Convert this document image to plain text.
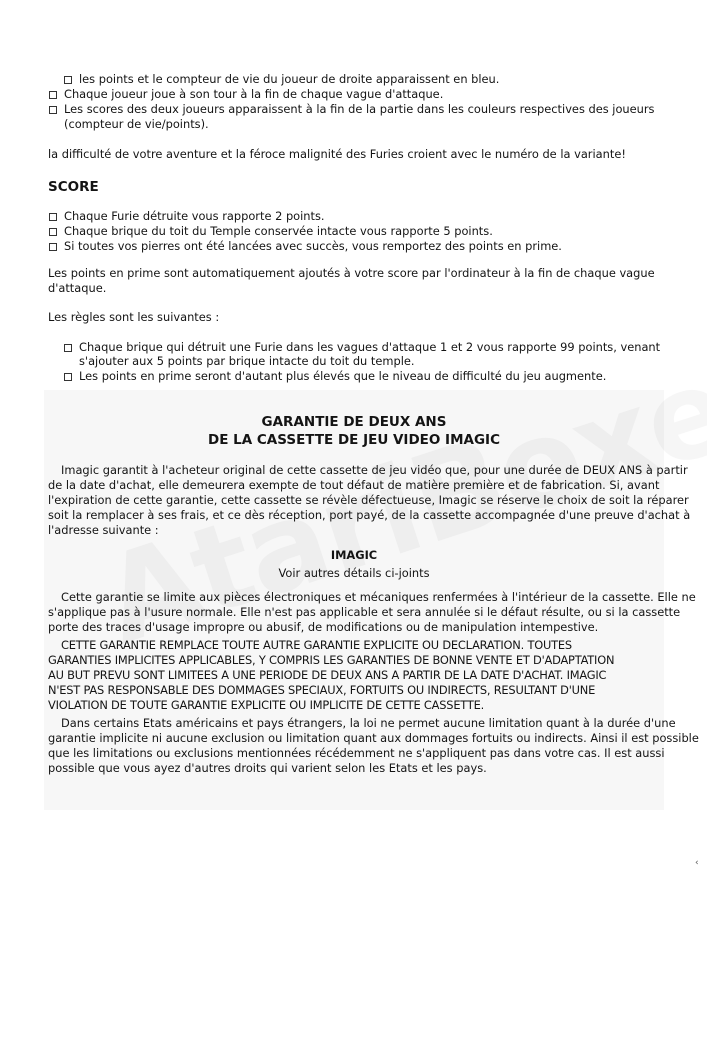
les points et le compteur de vie du joueur de droite apparaissent en bleu.
Chaque joueur joue à son tour à la fin de chaque vague d'attaque.
Les scores des deux joueurs apparaissent à la fin de la partie dans les couleurs respectives des joueurs
(compteur de vie/points).
la difficulté de votre aventure et la féroce malignité des Furies croient avec le numéro de la variante!
SCORE
Chaque Furie détruite vous rapporte 2 points.
Chaque brique du toit du Temple conservée intacte vous rapporte 5 points.
Si toutes vos pierres ont été lancées avec succès, vous remportez des points en prime.
Les points en prime sont automatiquement ajoutés à votre score par l'ordinateur à la fin de chaque vague
d'attaque.
Les règles sont les suivantes :
Chaque brique qui détruit une Furie dans les vagues d'attaque 1 et 2 vous rapporte 99 points, venant
s'ajouter aux 5 points par brique intacte du toit du temple.
Les points en prime seront d'autant plus élevés que le niveau de difficulté du jeu augmente.
GARANTIE DE DEUX ANS
DE LA CASSETTE DE JEU VIDEO IMAGIC
Imagic garantit à l'acheteur original de cette cassette de jeu vidéo que, pour une durée de DEUX ANS à partir
de la date d'achat, elle demeurera exempte de tout défaut de matière première et de fabrication. Si, avant
l'expiration de cette garantie, cette cassette se révèle défectueuse, Imagic se réserve le choix de soit la réparer
soit la remplacer à ses frais, et ce dès réception, port payé, de la cassette accompagnée d'une preuve d'achat à
l'adresse suivante :
IMAGIC
Voir autres détails ci-joints
Cette garantie se limite aux pièces électroniques et mécaniques renfermées à l'intérieur de la cassette. Elle ne
s'applique pas à l'usure normale. Elle n'est pas applicable et sera annulée si le défaut résulte, ou si la cassette
porte des traces d'usage impropre ou abusif, de modifications ou de manipulation intempestive.
CETTE GARANTIE REMPLACE TOUTE AUTRE GARANTIE EXPLICITE OU DECLARATION. TOUTES
GARANTIES IMPLICITES APPLICABLES, Y COMPRIS LES GARANTIES DE BONNE VENTE ET D'ADAPTATION
AU BUT PREVU SONT LIMITEES A UNE PERIODE DE DEUX ANS A PARTIR DE LA DATE D'ACHAT. IMAGIC
N'EST PAS RESPONSABLE DES DOMMAGES SPECIAUX, FORTUITS OU INDIRECTS, RESULTANT D'UNE
VIOLATION DE TOUTE GARANTIE EXPLICITE OU IMPLICITE DE CETTE CASSETTE.
Dans certains Etats américains et pays étrangers, la loi ne permet aucune limitation quant à la durée d'une
garantie implicite ni aucune exclusion ou limitation quant aux dommages fortuits ou indirects. Ainsi il est possible
que les limitations ou exclusions mentionnées récédemment ne s'appliquent pas dans votre cas. Il est aussi
possible que vous ayez d'autres droits qui varient selon les Etats et les pays.
‹
